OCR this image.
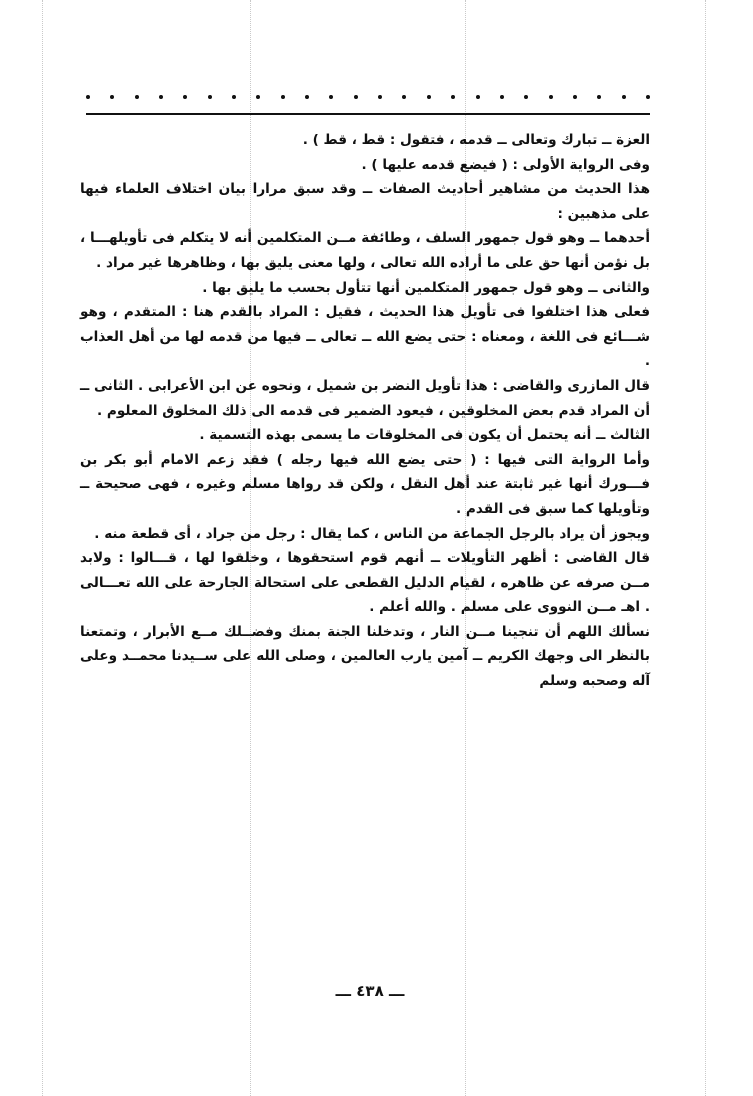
العزة ــ تبارك وتعالى ــ قدمه ، فتقول : قط ، قط ) .

وفى الرواية الأولى : ( فيضع قدمه عليها ) .

هذا الحديث من مشاهير أحاديث الصفات ــ وقد سبق مرارا بيان اختلاف العلماء فيها على مذهبين :

أحدهما ــ وهو قول جمهور السلف ، وطائفة مــن المتكلمين أنه لا يتكلم فى تأويلهـــا ، بل نؤمن أنها حق على ما أراده الله تعالى ، ولها معنى يليق بها ، وظاهرها غير مراد .

والثانى ــ وهو قول جمهور المتكلمين أنها تتأول بحسب ما يليق بها .

فعلى هذا اختلفوا فى تأويل هذا الحديث ، فقيل : المراد بالقدم هنا : المتقدم ، وهو شـــائع فى اللغة ، ومعناه : حتى يضع الله ــ تعالى ــ فيها من قدمه لها من أهل العذاب .

قال المازرى والقاضى : هذا تأويل النضر بن شميل ، ونحوه عن ابن الأعرابى . الثانى ــ أن المراد قدم بعض المخلوقين ، فيعود الضمير فى قدمه الى ذلك المخلوق المعلوم .

الثالث ــ أنه يحتمل أن يكون فى المخلوقات ما يسمى بهذه التسمية .

وأما الرواية التى فيها : ( حتى يضع الله فيها رجله ) فقد زعم الامام أبو بكر بن فـــورك أنها غير ثابتة عند أهل النقل ، ولكن قد رواها مسلم وغيره ، فهى صحيحة ــ وتأويلها كما سبق فى القدم .

ويجوز أن يراد بالرجل الجماعة من الناس ، كما يقال : رجل من جراد ، أى قطعة منه .

قال القاضى : أظهر التأويلات ــ أنهم قوم استحقوها ، وخلقوا لها ، قـــالوا : ولابد مــن صرفه عن ظاهره ، لقيام الدليل القطعى على استحالة الجارحة على الله تعـــالى . اهـ مــن النووى على مسلم . والله أعلم .

نسألك اللهم أن تنجينا مــن النار ، وتدخلنا الجنة بمنك وفضــلك مــع الأبرار ، وتمتعنا بالنظر الى وجهك الكريم ــ آمين يارب العالمين ، وصلى الله على ســيدنا محمــد وعلى آله وصحبه وسلم

ـــ ٤٣٨ ـــ
